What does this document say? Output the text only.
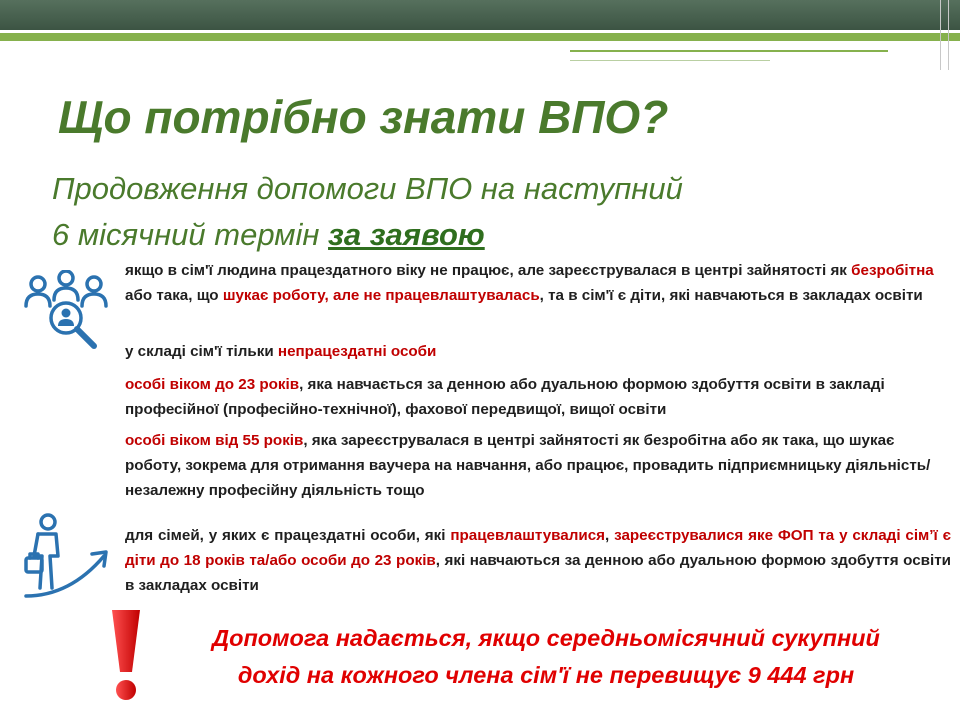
Що потрібно знати ВПО?
Продовження допомоги ВПО на наступний
6 місячний термін за заявою
якщо в сім'ї людина працездатного віку не працює, але зареєструвалася в центрі зайнятості як безробітна або така, що шукає роботу, але не працевлаштувалась, та в сім'ї є діти, які навчаються в закладах освіти
у складі сім'ї тільки непрацездатні особи
особі віком до 23 років, яка навчається за денною або дуальною формою здобуття освіти в закладі професійної (професійно-технічної), фахової передвищої, вищої освіти
особі віком від 55 років, яка зареєструвалася в центрі зайнятості як безробітна або як така, що шукає роботу, зокрема для отримання ваучера на навчання, або працює, провадить підприємницьку діяльність/незалежну професійну діяльність тощо
для сімей, у яких є працездатні особи, які працевлаштувалися, зареєструвалися яке ФОП та у складі сім’ї є діти до 18 років та/або особи до 23 років, які навчаються за денною або дуальною формою здобуття освіти в закладах освіти
Допомога надається, якщо середньомісячний сукупний
дохід на кожного члена сім'ї не перевищує 9 444 грн
